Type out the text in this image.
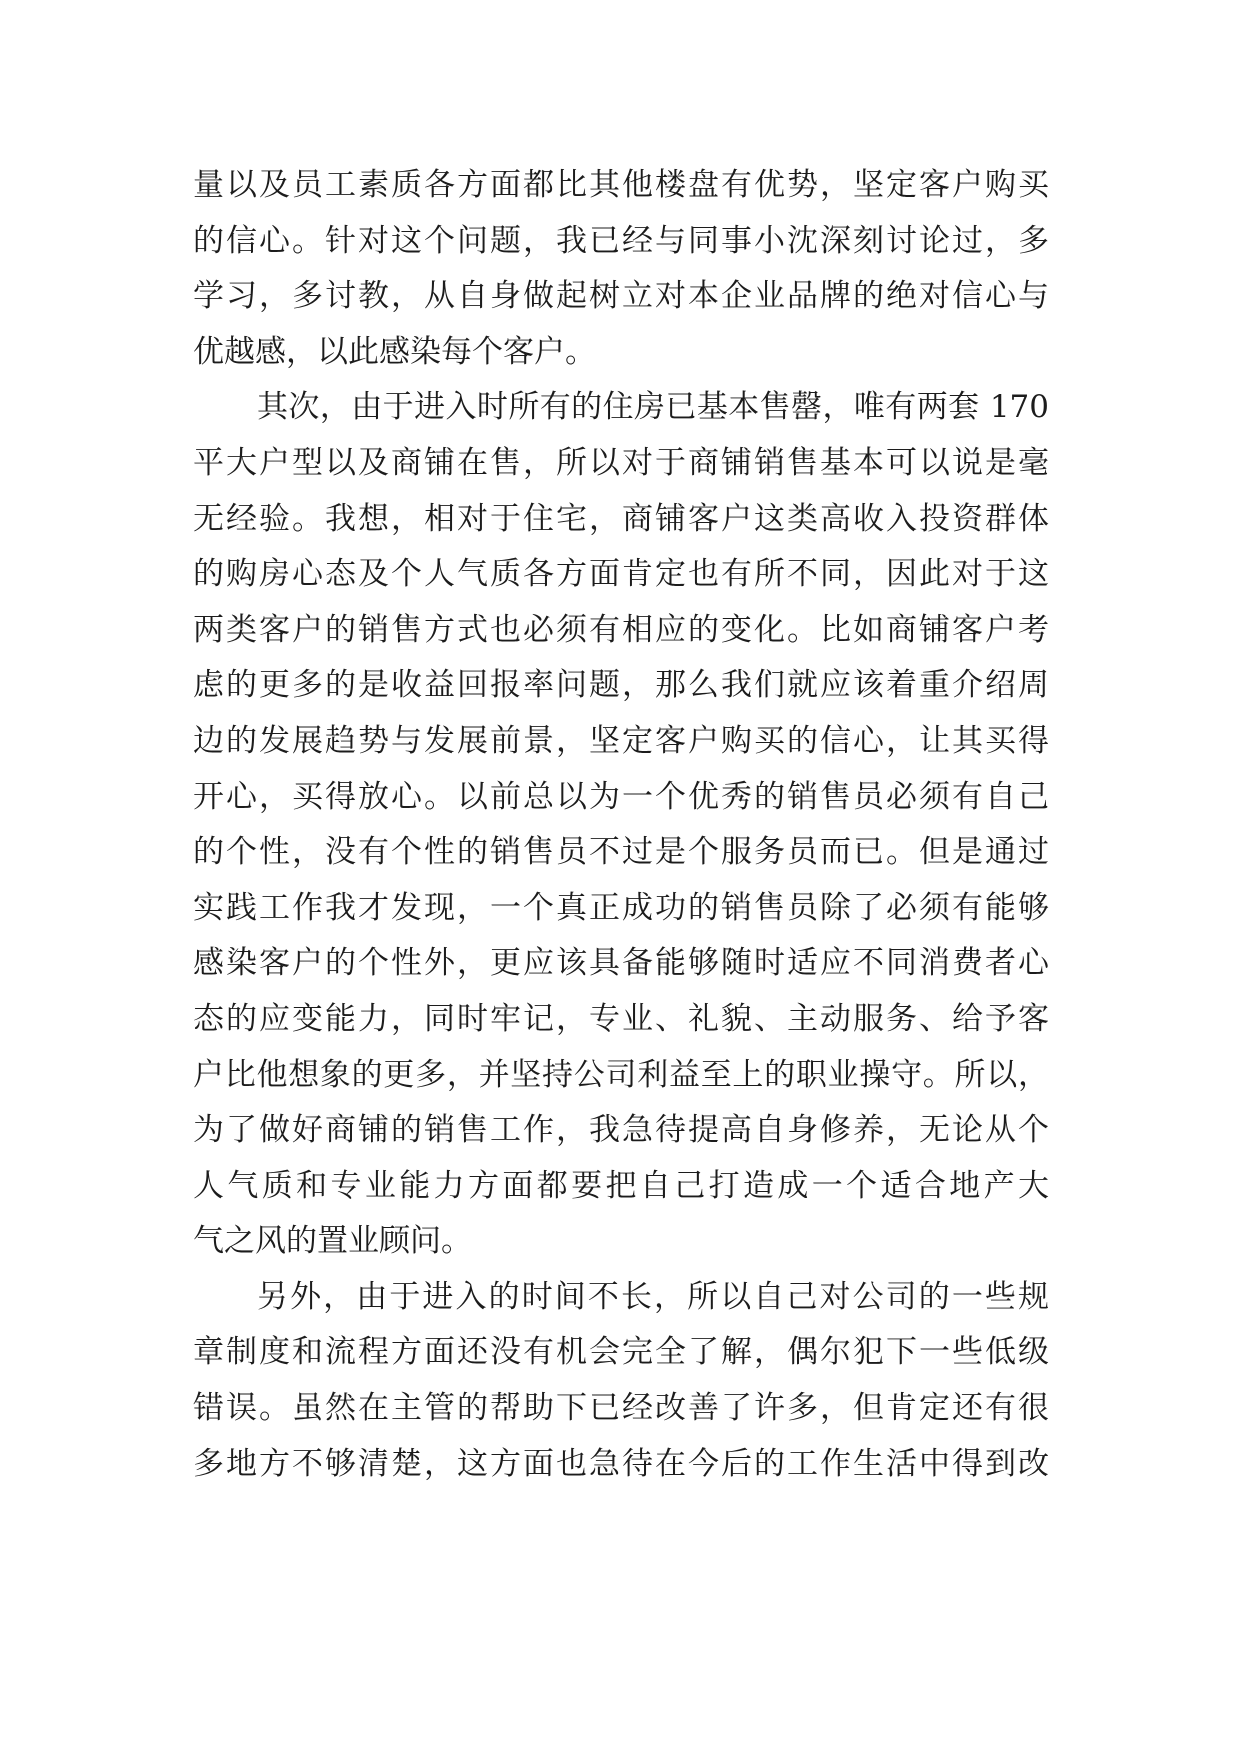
量以及员工素质各方面都比其他楼盘有优势，坚定客户购买
的信心。针对这个问题，我已经与同事小沈深刻讨论过，多
学习，多讨教，从自身做起树立对本企业品牌的绝对信心与
优越感，以此感染每个客户。
其次，由于进入时所有的住房已基本售罄，唯有两套 170
平大户型以及商铺在售，所以对于商铺销售基本可以说是毫
无经验。我想，相对于住宅，商铺客户这类高收入投资群体
的购房心态及个人气质各方面肯定也有所不同，因此对于这
两类客户的销售方式也必须有相应的变化。比如商铺客户考
虑的更多的是收益回报率问题，那么我们就应该着重介绍周
边的发展趋势与发展前景，坚定客户购买的信心，让其买得
开心，买得放心。以前总以为一个优秀的销售员必须有自己
的个性，没有个性的销售员不过是个服务员而已。但是通过
实践工作我才发现，一个真正成功的销售员除了必须有能够
感染客户的个性外，更应该具备能够随时适应不同消费者心
态的应变能力，同时牢记，专业、礼貌、主动服务、给予客
户比他想象的更多，并坚持公司利益至上的职业操守。所以，
为了做好商铺的销售工作，我急待提高自身修养，无论从个
人气质和专业能力方面都要把自己打造成一个适合地产大
气之风的置业顾问。
另外，由于进入的时间不长，所以自己对公司的一些规
章制度和流程方面还没有机会完全了解，偶尔犯下一些低级
错误。虽然在主管的帮助下已经改善了许多，但肯定还有很
多地方不够清楚，这方面也急待在今后的工作生活中得到改
